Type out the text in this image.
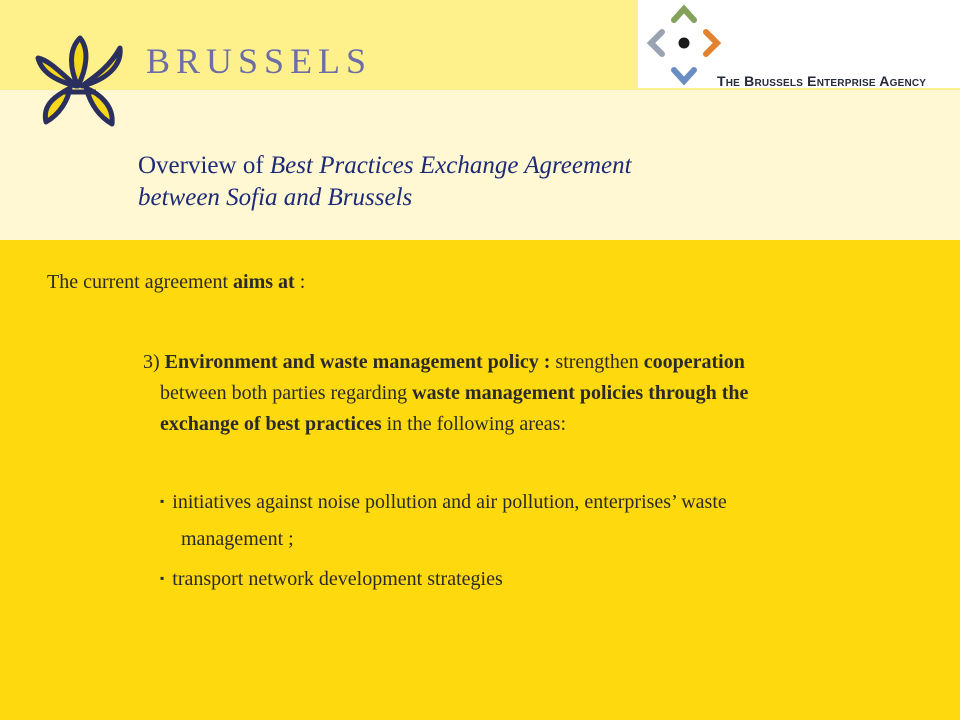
BRUSSELS	The Brussels Enterprise Agency
Overview of Best Practices Exchange Agreement
between Sofia and Brussels
The current agreement aims at :
3) Environment and waste management policy : strengthen cooperation
between both parties regarding waste management policies through the
exchange of best practices in the following areas:
▪ initiatives against noise pollution and air pollution, enterprises’ waste
management ;
▪ transport network development strategies
